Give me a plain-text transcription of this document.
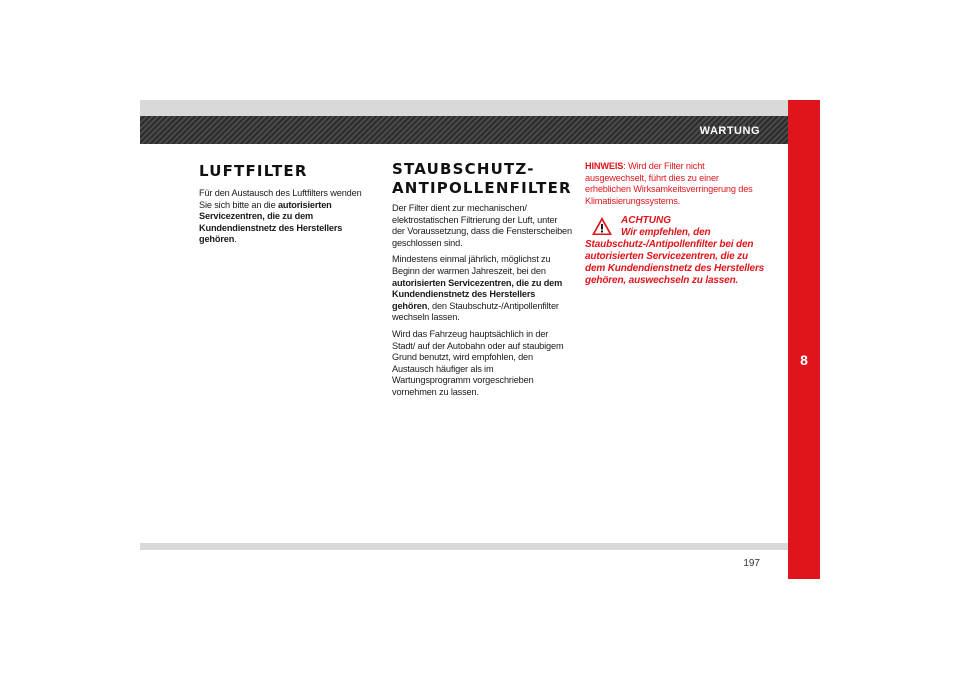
WARTUNG
8
LUFTFILTER

Für den Austausch des Luftfilters wenden Sie sich bitte an die autorisierten Servicezentren, die zu dem Kundendienstnetz des Herstellers gehören.

STAUBSCHUTZ-
ANTIPOLLENFILTER

Der Filter dient zur mechanischen/ elektrostatischen Filtrierung der Luft, unter der Voraussetzung, dass die Fensterscheiben geschlossen sind.

Mindestens einmal jährlich, möglichst zu Beginn der warmen Jahreszeit, bei den autorisierten Servicezentren, die zu dem Kundendienstnetz des Herstellers gehören, den Staubschutz-/Antipollenfilter wechseln lassen.

Wird das Fahrzeug hauptsächlich in der Stadt/ auf der Autobahn oder auf staubigem Grund benutzt, wird empfohlen, den Austausch häufiger als im Wartungsprogramm vorgeschrieben vornehmen zu lassen.

HINWEIS: Wird der Filter nicht ausgewechselt, führt dies zu einer erheblichen Wirksamkeitsverringerung des Klimatisierungssystems.

ACHTUNG

Wir empfehlen, den
Staubschutz-/Antipollenfilter bei den autorisierten Servicezentren, die zu dem Kundendienstnetz des Herstellers gehören, auswechseln zu lassen.

197
